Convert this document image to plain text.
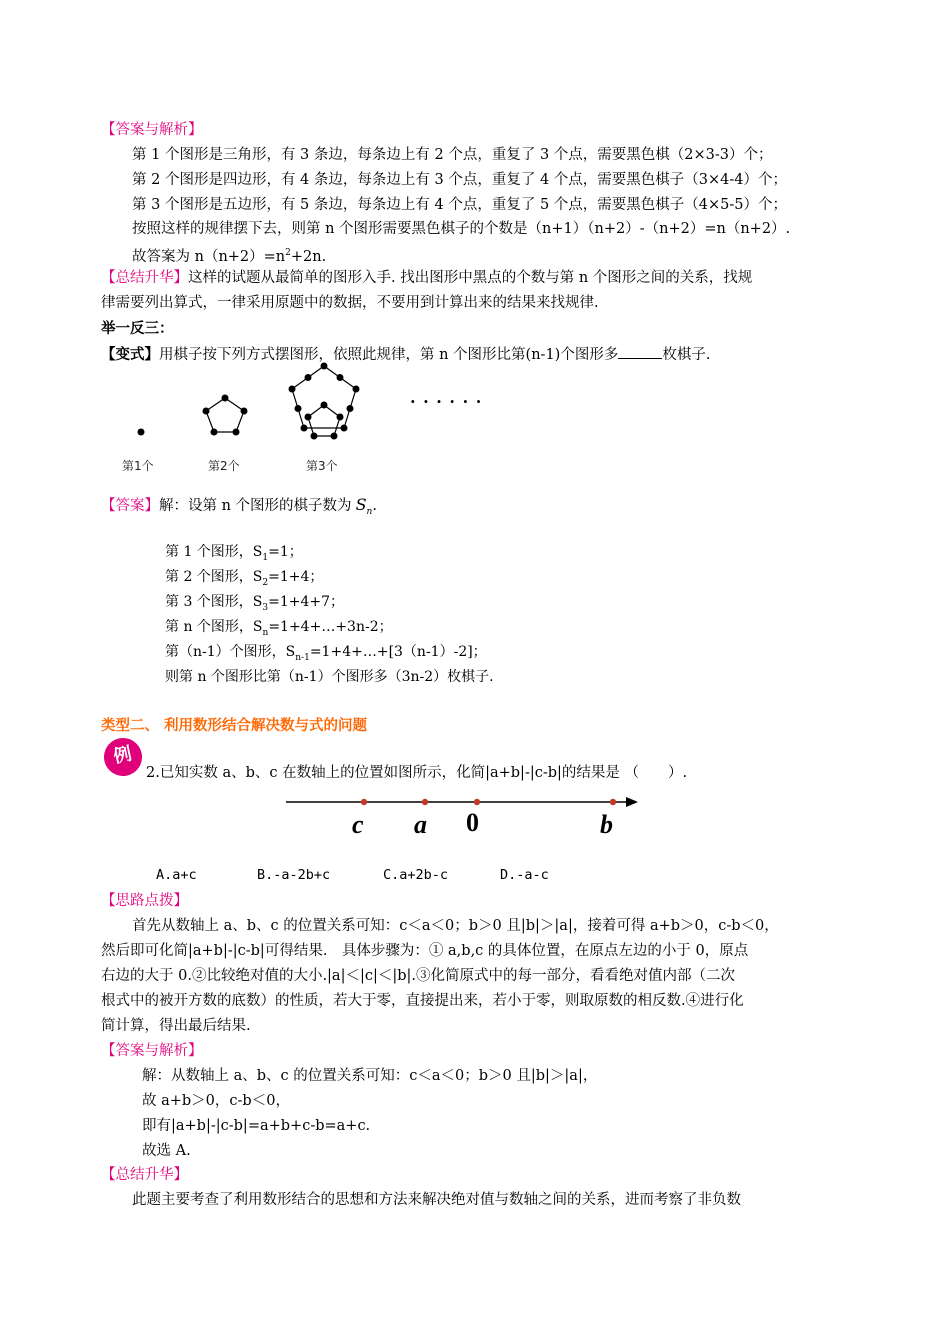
【答案与解析】
第 1 个图形是三角形，有 3 条边，每条边上有 2 个点，重复了 3 个点，需要黑色棋（2×3-3）个；
第 2 个图形是四边形，有 4 条边，每条边上有 3 个点，重复了 4 个点，需要黑色棋子（3×4-4）个；
第 3 个图形是五边形，有 5 条边，每条边上有 4 个点，重复了 5 个点，需要黑色棋子（4×5-5）个；
按照这样的规律摆下去，则第 n 个图形需要黑色棋子的个数是（n+1）（n+2）-（n+2）=n（n+2）.
故答案为 $n(n+2)=n^2+2n$.
【总结升华】这样的试题从最简单的图形入手. 找出图形中黑点的个数与第 n 个图形之间的关系，找规
律需要列出算式，一律采用原题中的数据，不要用到计算出来的结果来找规律.
举一反三：
【变式】用棋子按下列方式摆图形，依照此规律，第 n 个图形比第(n-1)个图形多	枚棋子.
· · · · · ·
第1个	第2个	第3个
【答案】解：设第 n 个图形的棋子数为 $S_n$.
第 1 个图形，$S_1=1$；
第 2 个图形，$S_2=1+4$；
第 3 个图形，$S_3=1+4+7$；
第 n 个图形，$S_n=1+4+\dots+3n-2$；
第（n-1）个图形，$S_{n-1}=1+4+\dots+[3(n-1)-2]$；
则第 n 个图形比第（n-1）个图形多（3n-2）枚棋子.
类型二、 利用数形结合解决数与式的问题
例
2.已知实数 a、b、c 在数轴上的位置如图所示，化简|a+b|-|c-b|的结果是 （　　）.
c a 0	b
A.a+c	B.-a-2b+c	C.a+2b-c	D.-a-c
【思路点拨】
首先从数轴上 a、b、c 的位置关系可知：c＜a＜0；b＞0 且|b|＞|a|，接着可得 a+b＞0，c-b＜0，
然后即可化简|a+b|-|c-b|可得结果.　具体步骤为：① a,b,c 的具体位置，在原点左边的小于 0，原点
右边的大于 0.②比较绝对值的大小.|a|＜|c|＜|b|.③化简原式中的每一部分，看看绝对值内部（二次
根式中的被开方数的底数）的性质，若大于零，直接提出来，若小于零，则取原数的相反数.④进行化
简计算，得出最后结果.
【答案与解析】
解：从数轴上 a、b、c 的位置关系可知：c＜a＜0；b＞0 且|b|＞|a|，
故 a+b＞0，c-b＜0，
即有|a+b|-|c-b|=a+b+c-b=a+c.
故选 A.
【总结升华】
此题主要考查了利用数形结合的思想和方法来解决绝对值与数轴之间的关系，进而考察了非负数
